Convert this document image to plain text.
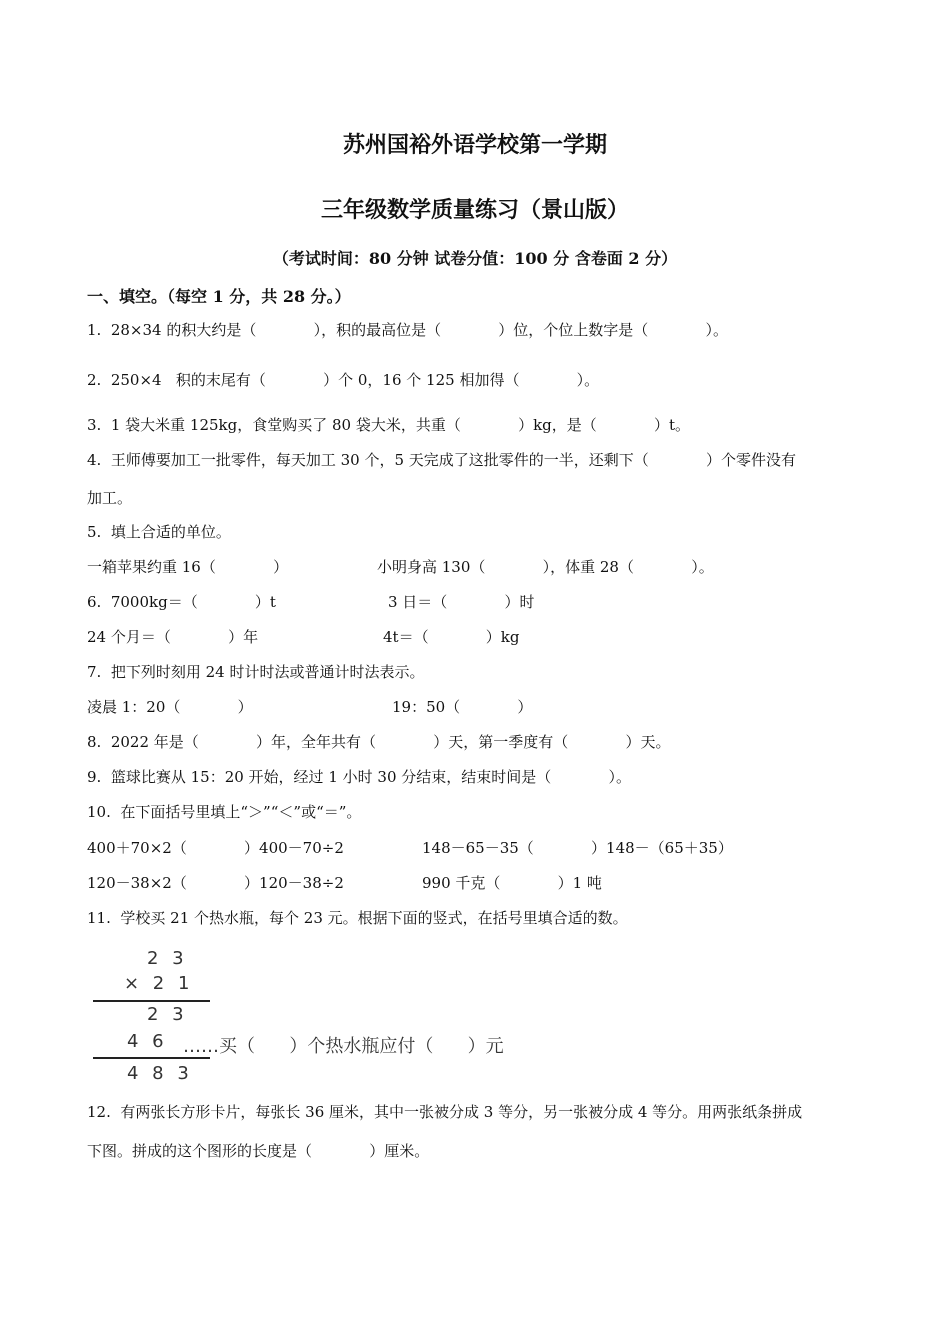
苏州国裕外语学校第一学期
三年级数学质量练习（景山版）
（考试时间：80 分钟 试卷分值：100 分 含卷面 2 分）
一、填空。（每空 1 分，共 28 分。）
1.  28×34 的积大约是（            ），积的最高位是（            ）位，个位上数字是（            ）。
2.  250×4   积的末尾有（            ）个 0，16 个 125 相加得（            ）。
3.  1 袋大米重 125kg，食堂购买了 80 袋大米，共重（            ）kg，是（            ）t。
4.  王师傅要加工一批零件，每天加工 30 个，5 天完成了这批零件的一半，还剩下（            ）个零件没有
加工。
5.  填上合适的单位。
一箱苹果约重 16（            ）	小明身高 130（            ），体重 28（            ）。
6.  7000kg＝（            ）t	3 日＝（            ）时
24 个月＝（            ）年	4t＝（            ）kg
7.  把下列时刻用 24 时计时法或普通计时法表示。
凌晨 1：20（            ）	19：50（            ）
8.  2022 年是（            ）年，全年共有（            ）天，第一季度有（            ）天。
9.  篮球比赛从 15：20 开始，经过 1 小时 30 分结束，结束时间是（            ）。
10.  在下面括号里填上“＞”“＜”或“＝”。
400＋70×2（            ）400－70÷2	148－65－35（            ）148－（65＋35）
120－38×2（            ）120－38÷2	990 千克（            ）1 吨
11.  学校买 21 个热水瓶，每个 23 元。根据下面的竖式，在括号里填合适的数。
2 3
× 2 1
2 3
4 6 ……买（      ）个热水瓶应付（      ）元
4 8 3
12.  有两张长方形卡片，每张长 36 厘米，其中一张被分成 3 等分，另一张被分成 4 等分。用两张纸条拼成
下图。拼成的这个图形的长度是（            ）厘米。
